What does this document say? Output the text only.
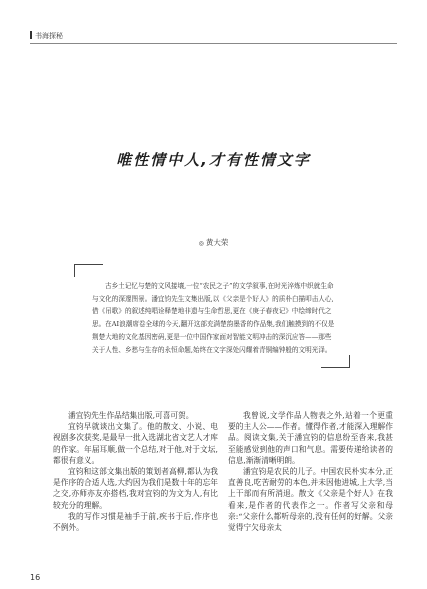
书海探秘
唯性情中人,才有性情文字
◎ 黄大荣
古乡土记忆与楚的文风接壤,一位“农民之子”的文学叙事,在时光淬炼中织就生命与文化的深邃图景。潘宜钧先生文集出版,以《父亲是个好人》的质朴白描叩击人心,借《吊歌》的叙述纯唱诠释楚地非遗与生命哲思,更在《庚子春夜记》中绘缔时代之思。在AI浪潮席卷全球的今天,翻开这部充满楚韵墨香的作品集,我们触摸到的不仅是荆楚大地的文化基因密码,更是一位中国作家面对智能文明冲击的深沉应答——那些关于人性、乡愁与生存的永恒命题,始终在文字深处闪耀着青铜编钟般的文明光泽。

潘宜钧先生作品结集出版,可喜可贺。

宜钧早就谈出文集了。他的散文、小说、电视剧多次获奖,是最早一批入选湖北省文艺人才库的作家。年届耳顺,做一个总结,对于他,对于文坛,都很有意义。

宜钧和这部文集出版的策划者高柳,都认为我是作序的合适人选,大约因为我们是数十年的忘年之交,亦师亦友亦搭档,我对宜钧的为文为人,有比较充分的理解。

我的写作习惯是袖手于前,疾书于后,作序也不例外。

我曾说,文学作品人物表之外,站着一个更重要的主人公——作者。懂得作者,才能深入理解作品。阅读文集,关于潘宜钧的信息纷至沓来,我甚至能感觉到他的声口和气息。需要传递给读者的信息,渐渐清晰明朗。

潘宜钧是农民的儿子。中国农民朴实本分,正直善良,吃苦耐劳的本色,并未因他进城,上大学,当上干部而有所消退。散文《父亲是个好人》在我看来,是作者的代表作之一。作者写父亲和母亲:“父亲什么都听母亲的,没有任何的好解。父亲觉得宁欠母亲太

16
